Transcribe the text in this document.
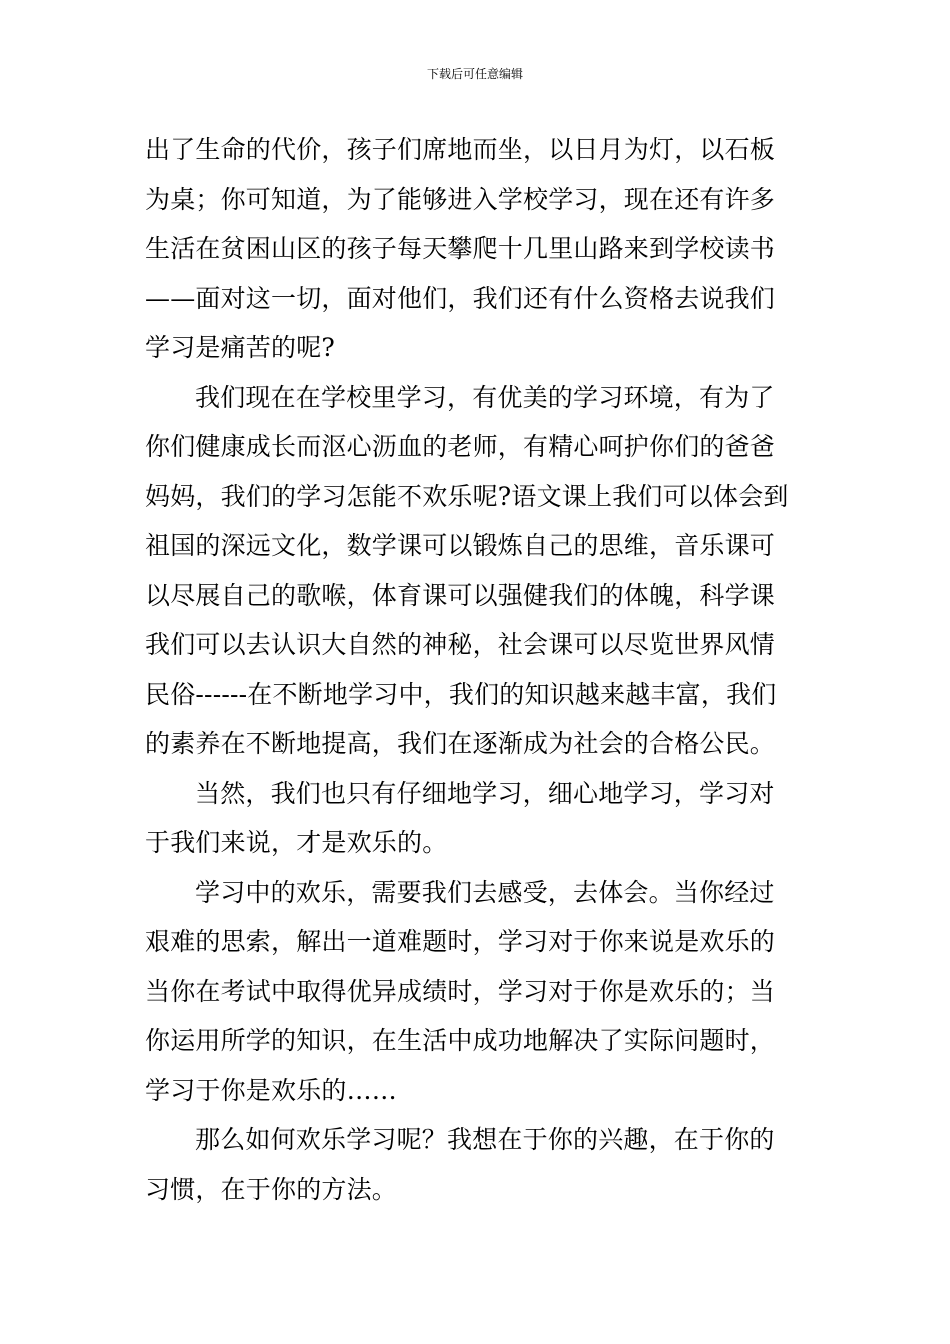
下载后可任意编辑
出了生命的代价，孩子们席地而坐，以日月为灯，以石板
为桌；你可知道，为了能够进入学校学习，现在还有许多
生活在贫困山区的孩子每天攀爬十几里山路来到学校读书
——面对这一切，面对他们，我们还有什么资格去说我们
学习是痛苦的呢?
我们现在在学校里学习，有优美的学习环境，有为了
你们健康成长而沤心沥血的老师，有精心呵护你们的爸爸
妈妈，我们的学习怎能不欢乐呢?语文课上我们可以体会到
祖国的深远文化，数学课可以锻炼自己的思维，音乐课可
以尽展自己的歌喉，体育课可以强健我们的体魄，科学课
我们可以去认识大自然的神秘，社会课可以尽览世界风情
民俗------在不断地学习中，我们的知识越来越丰富，我们
的素养在不断地提高，我们在逐渐成为社会的合格公民。
当然，我们也只有仔细地学习，细心地学习，学习对
于我们来说，才是欢乐的。
学习中的欢乐，需要我们去感受，去体会。当你经过
艰难的思索，解出一道难题时，学习对于你来说是欢乐的
当你在考试中取得优异成绩时，学习对于你是欢乐的；当
你运用所学的知识，在生活中成功地解决了实际问题时，
学习于你是欢乐的……
那么如何欢乐学习呢？我想在于你的兴趣，在于你的
习惯，在于你的方法。
